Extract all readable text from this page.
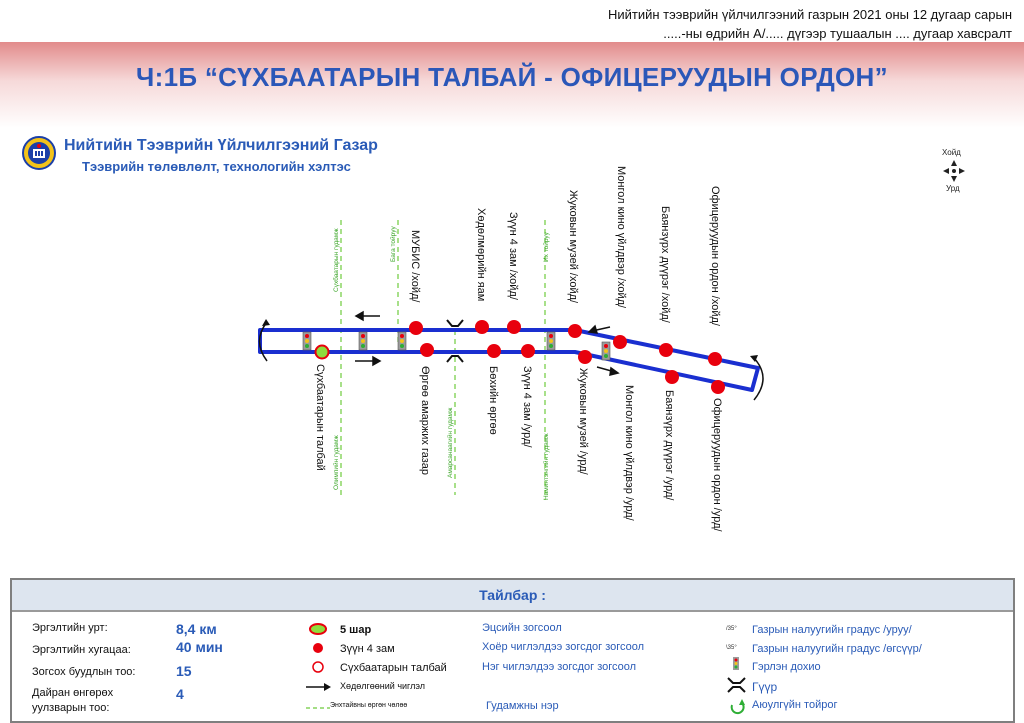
Нийтийн тээврийн үйлчилгээний газрын 2021 оны 12 дугаар сарын
.....-ны өдрийн А/..... дүгээр тушаалын .... дугаар хавсралт
Ч:1Б “СҮХБААТАРЫН ТАЛБАЙ - ОФИЦЕРУУДЫН ОРДОН”
Нийтийн Тээврийн Үйлчилгээний Газар
Тээврийн төлөвлөлт, технологийн хэлтэс
Хойд
Урд
Сүхбаатарын гудамж
Олимпийн гудамж
Бага тойруу	Их тойруу
Амарсанаагийн гудамж	Наминтэнгийн гудамж
МУБИС /хойд/	Хөдөлмөрийн яам Зүүн 4 зам /хойд/	Жуковын музей /хойд/	Монгол кино үйлдвэр /хойд/	Баянзүрх дүүрэг /хойд/	Офицеруудын ордон /хойд/
Сүхбаатарын талбай	Өргөө амаржих газар	Бөхийн өргөө Зүүн 4 зам /урд/	Жуковын музей /урд/	Монгол кино үйлдвэр /урд/	Баянзүрх дүүрэг /урд/	Офицеруудын ордон /урд/
Тайлбар :
Эргэлтийн урт:	8,4 км
Эргэлтийн хугацаа:	40 мин
Зогсох буудлын тоо:	15
Дайран өнгөрөх уулзварын тоо:
4
5 шар
Зүүн 4 зам
Сүхбаатарын талбай
Хөдөлгөөний чиглэл
Энхтайвны өргөн чөлөө
Эцсийн зогсоол
Хоёр чиглэлдээ зогсдог зогсоол
Нэг чиглэлдээ зогсдог зогсоол
Гудамжны нэр
/35°
\35°
Газрын налуугийн градус /уруу/
Газрын налуугийн градус /өгсүүр/
Гэрлэн дохио
Гүүр
Аюулгүйн тойрог
